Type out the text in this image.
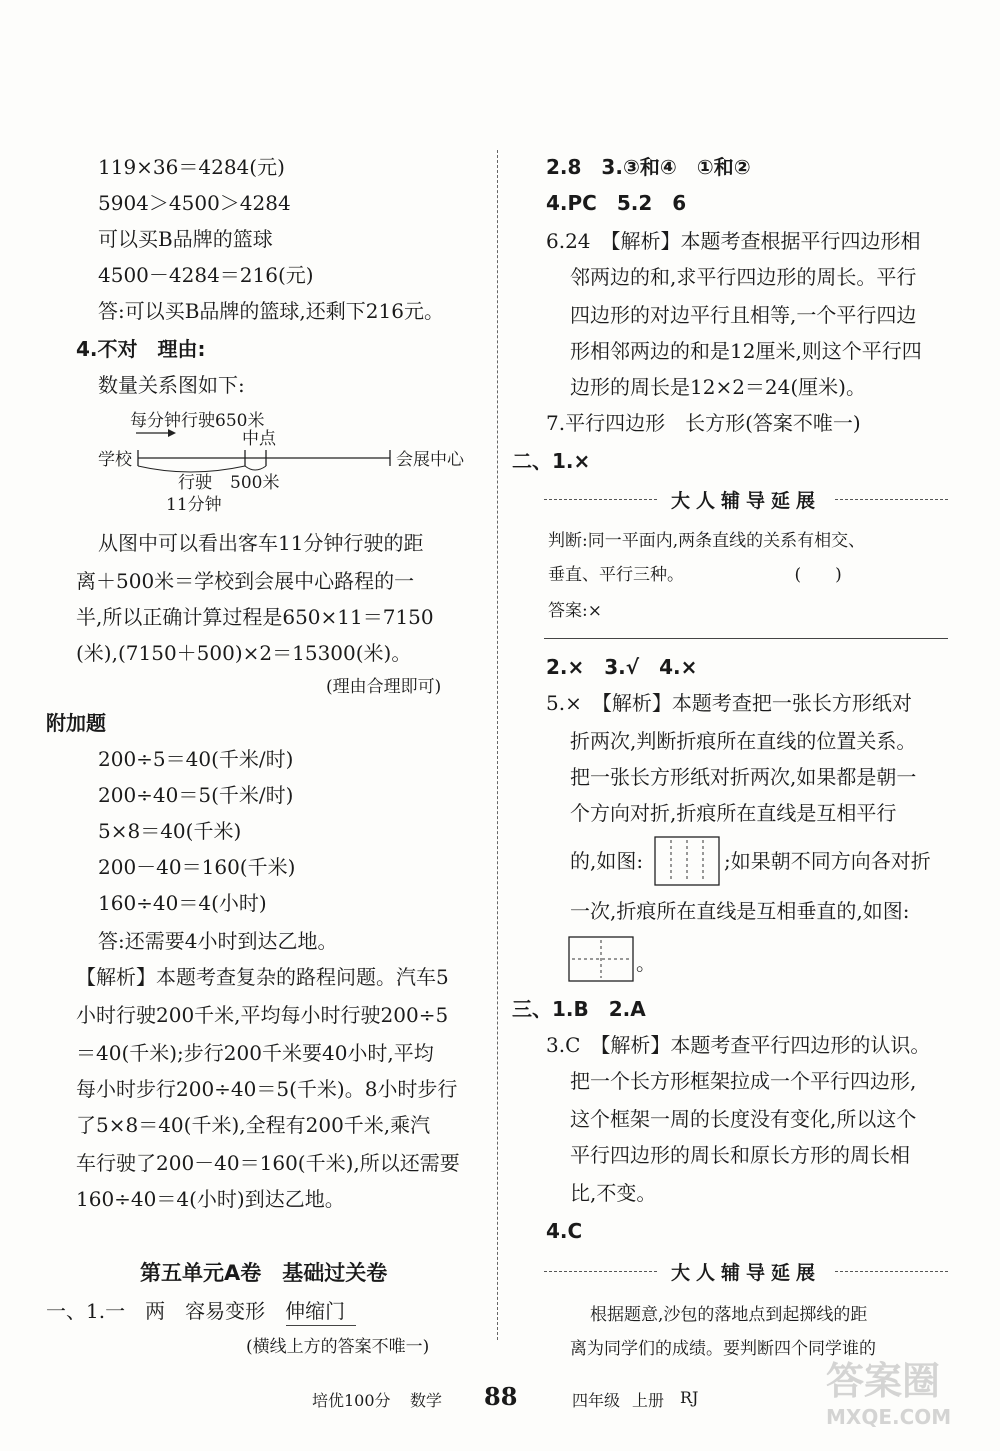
119×36＝4284(元)
5904＞4500＞4284
可以买B品牌的篮球
4500－4284＝216(元)
答:可以买B品牌的篮球,还剩下216元。
4.不对　理由:
数量关系图如下:
每分钟行驶650米
中点
学校	会展中心
行驶 500米
11分钟
从图中可以看出客车11分钟行驶的距
离＋500米＝学校到会展中心路程的一
半,所以正确计算过程是650×11＝7150
(米),(7150＋500)×2＝15300(米)。
(理由合理即可)
附加题
200÷5＝40(千米/时)
200÷40＝5(千米/时)
5×8＝40(千米)
200－40＝160(千米)
160÷40＝4(小时)
答:还需要4小时到达乙地。
【解析】本题考查复杂的路程问题。汽车5
小时行驶200千米,平均每小时行驶200÷5
＝40(千米);步行200千米要40小时,平均
每小时步行200÷40＝5(千米)。8小时步行
了5×8＝40(千米),全程有200千米,乘汽
车行驶了200－40＝160(千米),所以还需要
160÷40＝4(小时)到达乙地。
第五单元A卷　基础过关卷
一、1.一　两　容易变形　伸缩门
(横线上方的答案不唯一)
2.8　3.③和④　①和②
4.PC　5.2　6
6.24　【解析】本题考查根据平行四边形相
邻两边的和,求平行四边形的周长。平行
四边形的对边平行且相等,一个平行四边
形相邻两边的和是12厘米,则这个平行四
边形的周长是12×2＝24(厘米)。
7.平行四边形　长方形(答案不唯一)
二、1.×
大人辅导延展
判断:同一平面内,两条直线的关系有相交、
垂直、平行三种。　　　　　　　(　　)
答案:×
2.×　3.√　4.×
5.×　【解析】本题考查把一张长方形纸对
折两次,判断折痕所在直线的位置关系。
把一张长方形纸对折两次,如果都是朝一
个方向对折,折痕所在直线是互相平行
的,如图:	;如果朝不同方向各对折
一次,折痕所在直线是互相垂直的,如图:
。
三、1.B　2.A
3.C　【解析】本题考查平行四边形的认识。
把一个长方形框架拉成一个平行四边形,
这个框架一周的长度没有变化,所以这个
平行四边形的周长和原长方形的周长相
比,不变。
4.C
大人辅导延展
根据题意,沙包的落地点到起掷线的距
离为同学们的成绩。要判断四个同学谁的
培优100分 数学 88	四年级 上册 RJ	答案圈
MXQE.COM
